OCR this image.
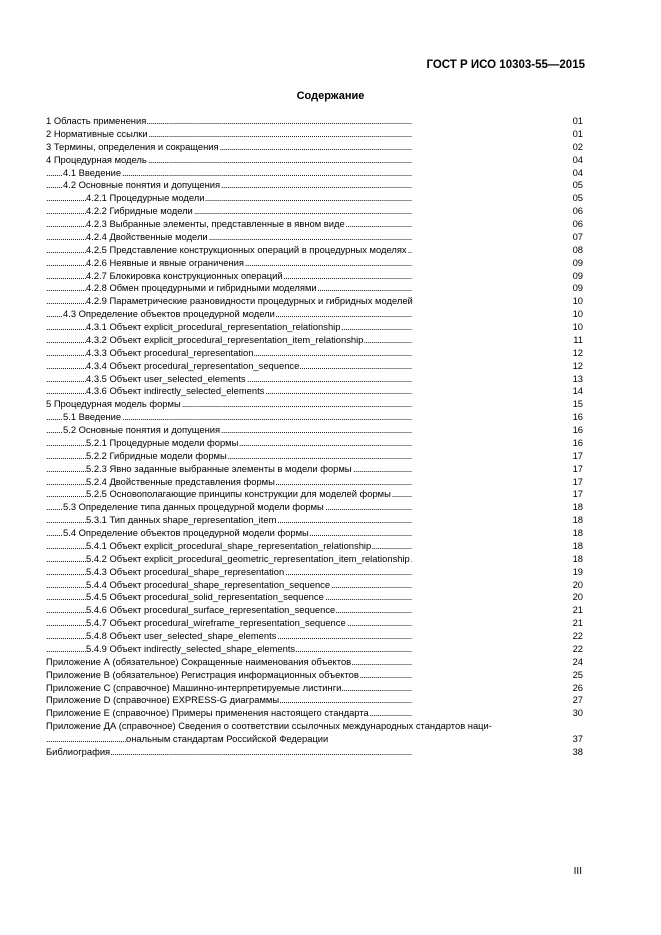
ГОСТ Р ИСО 10303-55—2015
Содержание
1 Область применения	01
. . .
2 Нормативные ссылки	01
. . .
3 Термины, определения и сокращения	02
. . .
4 Процедурная модель	04
. . .
4.1 Введение	04
. . .
4.2 Основные понятия и допущения	05
. . .
4.2.1 Процедурные модели	05
. . .
4.2.2 Гибридные модели	06
. . .
4.2.3 Выбранные элементы, представленные в явном виде	06
. . .
4.2.4 Двойственные модели	07
. . .
4.2.5 Представление конструкционных операций в процедурных моделях	08
. . .
4.2.6 Неявные и явные ограничения	09
. . .
4.2.7 Блокировка конструкционных операций	09
. . .
4.2.8 Обмен процедурными и гибридными моделями	09
. . .
4.2.9 Параметрические разновидности процедурных и гибридных моделей	10
. . .
4.3 Определение объектов процедурной модели	10
. . .
4.3.1 Объект explicit_procedural_representation_relationship	10
. . .
4.3.2 Объект explicit_procedural_representation_item_relationship	11
. . .
4.3.3 Объект procedural_representation	12
. . .
4.3.4 Объект procedural_representation_sequence	12
. . .
4.3.5 Объект user_selected_elements	13
. . .
4.3.6 Объект indirectly_selected_elements	14
. . .
5 Процедурная модель формы	15
. . .
5.1 Введение	16
. . .
5.2 Основные понятия и допущения	16
. . .
5.2.1 Процедурные модели формы	16
. . .
5.2.2 Гибридные модели формы	17
. . .
5.2.3 Явно заданные выбранные элементы в модели формы	17
. . .
5.2.4 Двойственные представления формы	17
. . .
5.2.5 Основополагающие принципы конструкции для моделей формы	17
. . .
5.3 Определение типа данных процедурной модели формы	18
. . .
5.3.1 Тип данных shape_representation_item	18
. . .
5.4 Определение объектов процедурной модели формы	18
. . .
5.4.1 Объект explicit_procedural_shape_representation_relationship	18
. . .
5.4.2 Объект explicit_procedural_geometric_representation_item_relationship	18
. . .
5.4.3 Объект procedural_shape_representation	19
. . .
5.4.4 Объект procedural_shape_representation_sequence	20
. . .
5.4.5 Объект procedural_solid_representation_sequence	20
. . .
5.4.6 Объект procedural_surface_representation_sequence	21
. . .
5.4.7 Объект procedural_wireframe_representation_sequence	21
. . .
5.4.8 Объект user_selected_shape_elements	22
. . .
5.4.9 Объект indirectly_selected_shape_elements	22
. . .
Приложение А (обязательное) Сокращенные наименования объектов	24
. . .
Приложение В (обязательное) Регистрация информационных объектов	25
. . .
Приложение С (справочное) Машинно-интерпретируемые листинги	26
. . .
Приложение D (справочное) EXPRESS-G диаграммы	27
. . .
Приложение Е (справочное) Примеры применения настоящего стандарта	30
. . .
Приложение ДА (справочное) Сведения о соответствии ссылочных международных стандартов наци-
ональным стандартам Российской Федерации	37
. . .
Библиография	38
. . .
III
